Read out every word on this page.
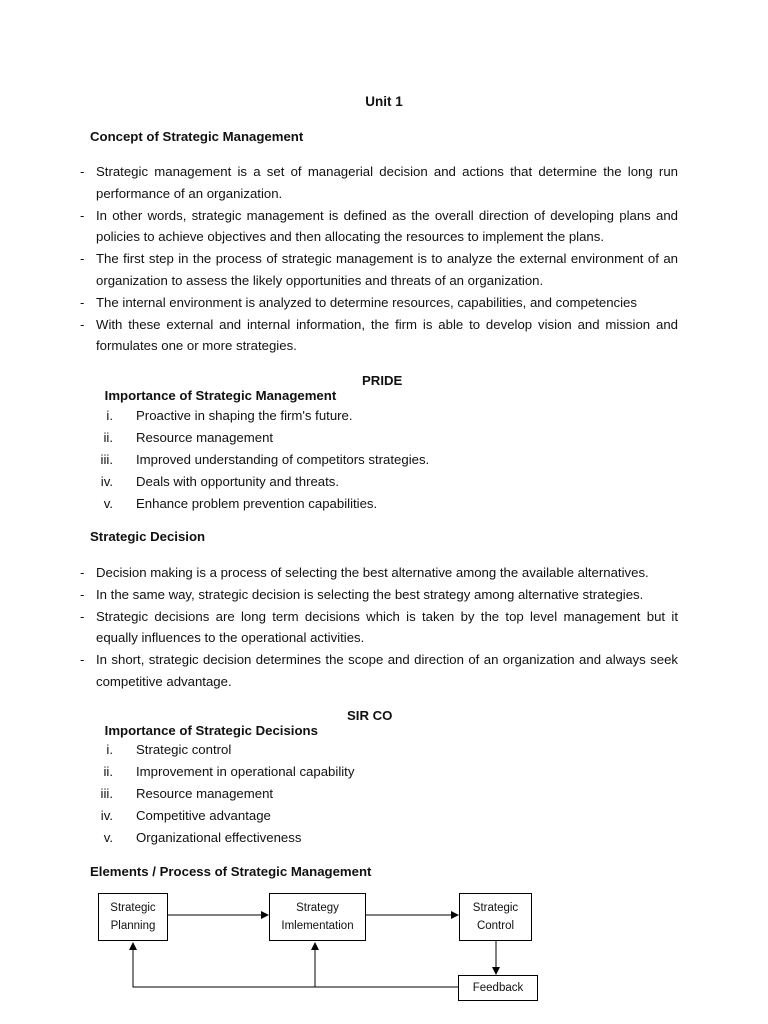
Unit 1
Concept of Strategic Management
- Strategic management is a set of managerial decision and actions that determine the long run performance of an organization.
- In other words, strategic management is defined as the overall direction of developing plans and policies to achieve objectives and then allocating the resources to implement the plans.
- The first step in the process of strategic management is to analyze the external environment of an organization to assess the likely opportunities and threats of an organization.
- The internal environment is analyzed to determine resources, capabilities, and competencies
- With these external and internal information, the firm is able to develop vision and mission and formulates one or more strategies.

Importance of Strategic Management

PRIDE

i. Proactive in shaping the firm's future.
ii. Resource management
iii. Improved understanding of competitors strategies.
iv. Deals with opportunity and threats.
v. Enhance problem prevention capabilities.
Strategic Decision
- Decision making is a process of selecting the best alternative among the available alternatives.
- In the same way, strategic decision is selecting the best strategy among alternative strategies.
- Strategic decisions are long term decisions which is taken by the top level management but it equally influences to the operational activities.
- In short, strategic decision determines the scope and direction of an organization and always seek competitive advantage.

Importance of Strategic Decisions

SIR CO

i. Strategic control
ii. Improvement in operational capability
iii. Resource management
iv. Competitive advantage
v. Organizational effectiveness
Elements / Process of Strategic Management
Strategic
Planning
Strategy
Imlementation
Strategic
Control
Feedback
